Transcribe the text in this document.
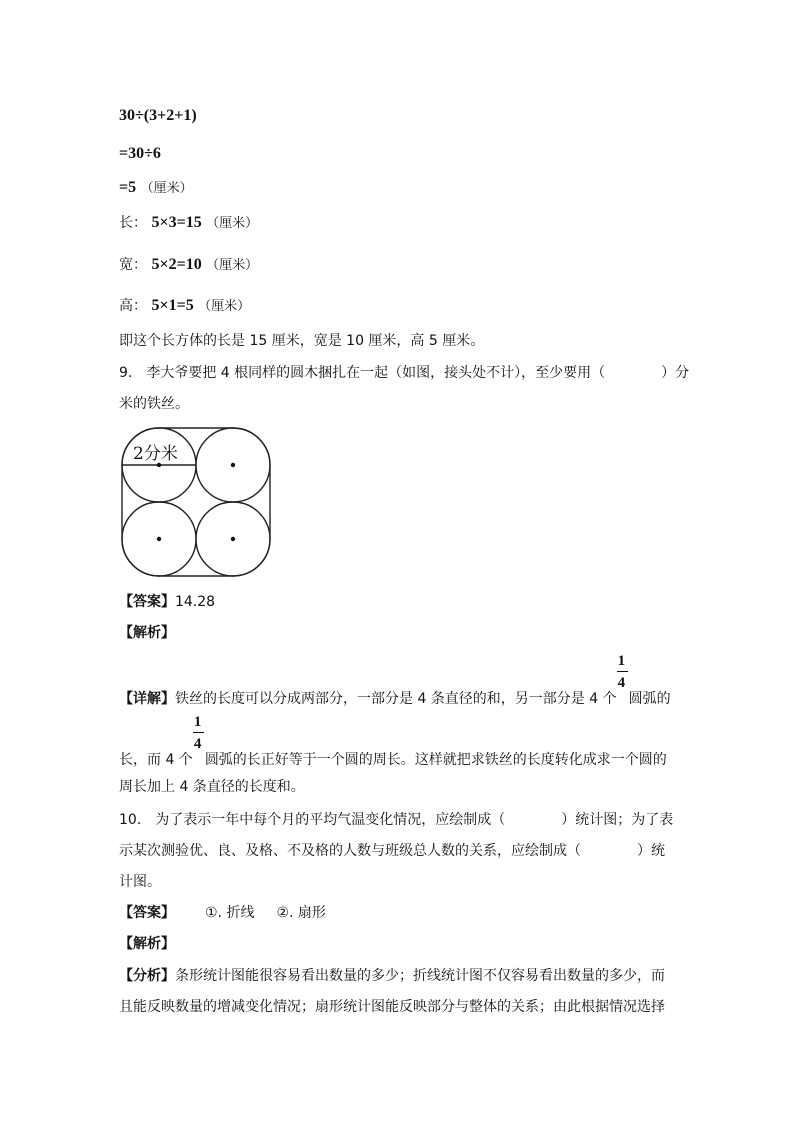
30÷(3+2+1)
=30÷6
=5 （厘米）
长： 5×3=15 （厘米）
宽： 5×2=10 （厘米）
高： 5×1=5 （厘米）
即这个长方体的长是 15 厘米，宽是 10 厘米，高 5 厘米。
9.　李大爷要把 4 根同样的圆木捆扎在一起（如图，接头处不计），至少要用（　　　　）分
米的铁丝。
2分米
【答案】14.28
【解析】
【详解】铁丝的长度可以分成两部分，一部分是 4 条直径的和，另一部分是 4 个 $\frac{1}{4}$ 圆弧的
长，而 4 个 $\frac{1}{4}$ 圆弧的长正好等于一个圆的周长。这样就把求铁丝的长度转化成求一个圆的
周长加上 4 条直径的长度和。
10.　为了表示一年中每个月的平均气温变化情况，应绘制成（　　　　）统计图；为了表
示某次测验优、良、及格、不及格的人数与班级总人数的关系，应绘制成（　　　　）统
计图。
【答案】 ①. 折线 ②. 扇形
【解析】
【分析】条形统计图能很容易看出数量的多少；折线统计图不仅容易看出数量的多少，而
且能反映数量的增减变化情况；扇形统计图能反映部分与整体的关系；由此根据情况选择
